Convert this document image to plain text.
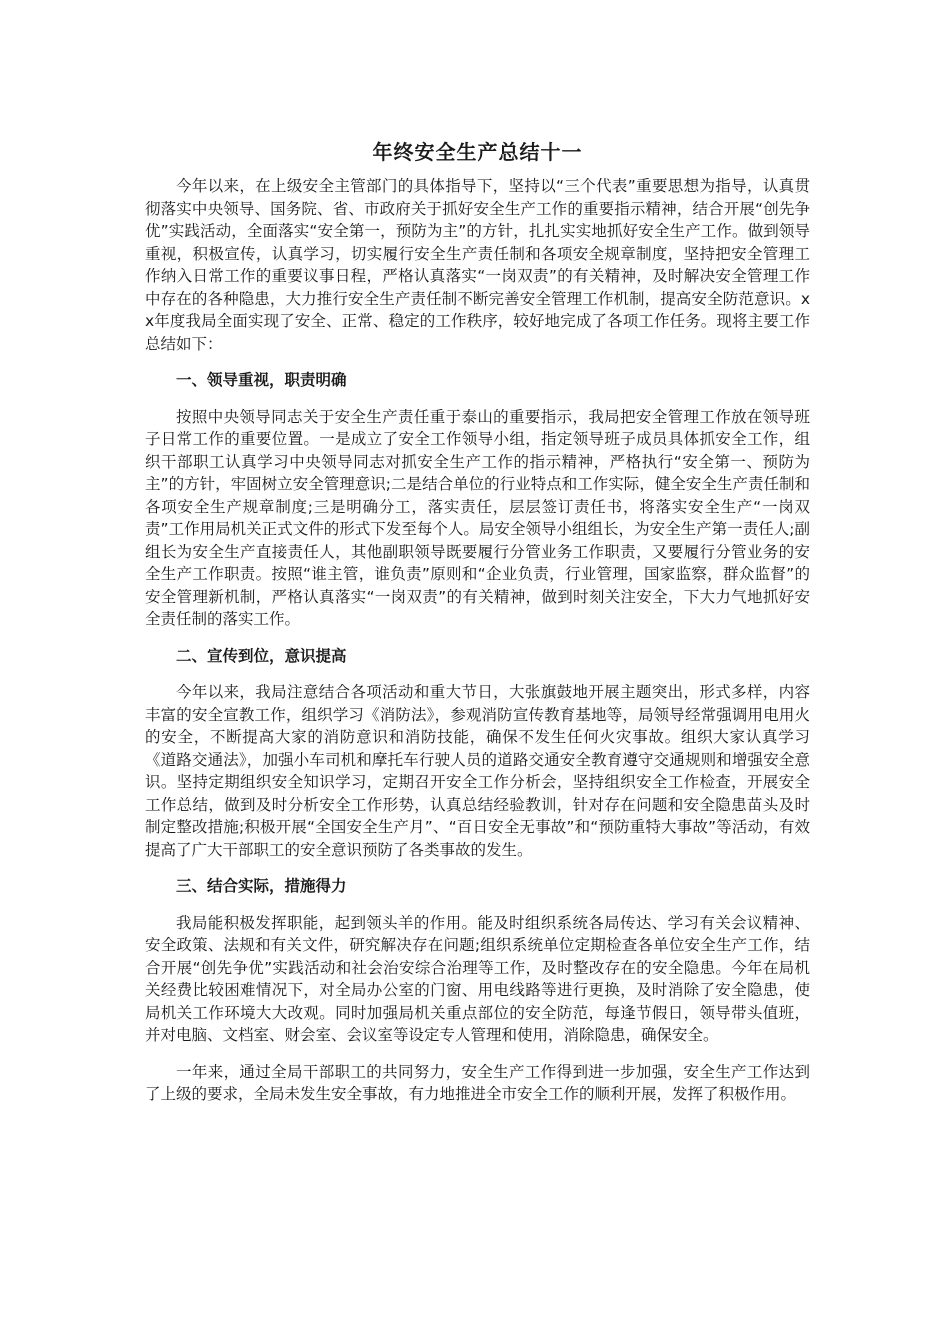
年终安全生产总结十一

今年以来，在上级安全主管部门的具体指导下，坚持以“三个代表”重要思想为指导，认真贯彻落实中央领导、国务院、省、市政府关于抓好安全生产工作的重要指示精神，结合开展“创先争优”实践活动，全面落实“安全第一，预防为主”的方针，扎扎实实地抓好安全生产工作。做到领导重视，积极宣传，认真学习，切实履行安全生产责任制和各项安全规章制度，坚持把安全管理工作纳入日常工作的重要议事日程，严格认真落实“一岗双责”的有关精神，及时解决安全管理工作中存在的各种隐患，大力推行安全生产责任制不断完善安全管理工作机制，提高安全防范意识。xx年度我局全面实现了安全、正常、稳定的工作秩序，较好地完成了各项工作任务。现将主要工作总结如下：

一、领导重视，职责明确

按照中央领导同志关于安全生产责任重于泰山的重要指示，我局把安全管理工作放在领导班子日常工作的重要位置。一是成立了安全工作领导小组，指定领导班子成员具体抓安全工作，组织干部职工认真学习中央领导同志对抓安全生产工作的指示精神，严格执行“安全第一、预防为主”的方针，牢固树立安全管理意识;二是结合单位的行业特点和工作实际，健全安全生产责任制和各项安全生产规章制度;三是明确分工，落实责任，层层签订责任书，将落实安全生产“一岗双责”工作用局机关正式文件的形式下发至每个人。局安全领导小组组长，为安全生产第一责任人;副组长为安全生产直接责任人，其他副职领导既要履行分管业务工作职责，又要履行分管业务的安全生产工作职责。按照“谁主管，谁负责”原则和“企业负责，行业管理，国家监察，群众监督”的安全管理新机制，严格认真落实“一岗双责”的有关精神，做到时刻关注安全，下大力气地抓好安全责任制的落实工作。

二、宣传到位，意识提高

今年以来，我局注意结合各项活动和重大节日，大张旗鼓地开展主题突出，形式多样，内容丰富的安全宣教工作，组织学习《消防法》，参观消防宣传教育基地等，局领导经常强调用电用火的安全，不断提高大家的消防意识和消防技能，确保不发生任何火灾事故。组织大家认真学习《道路交通法》，加强小车司机和摩托车行驶人员的道路交通安全教育遵守交通规则和增强安全意识。坚持定期组织安全知识学习，定期召开安全工作分析会，坚持组织安全工作检查，开展安全工作总结，做到及时分析安全工作形势，认真总结经验教训，针对存在问题和安全隐患苗头及时制定整改措施;积极开展“全国安全生产月”、“百日安全无事故”和“预防重特大事故”等活动，有效提高了广大干部职工的安全意识预防了各类事故的发生。

三、结合实际，措施得力

我局能积极发挥职能，起到领头羊的作用。能及时组织系统各局传达、学习有关会议精神、安全政策、法规和有关文件，研究解决存在问题;组织系统单位定期检查各单位安全生产工作，结合开展“创先争优”实践活动和社会治安综合治理等工作，及时整改存在的安全隐患。今年在局机关经费比较困难情况下，对全局办公室的门窗、用电线路等进行更换，及时消除了安全隐患，使局机关工作环境大大改观。同时加强局机关重点部位的安全防范，每逢节假日，领导带头值班，并对电脑、文档室、财会室、会议室等设定专人管理和使用，消除隐患，确保安全。

一年来，通过全局干部职工的共同努力，安全生产工作得到进一步加强，安全生产工作达到了上级的要求，全局未发生安全事故，有力地推进全市安全工作的顺利开展，发挥了积极作用。
